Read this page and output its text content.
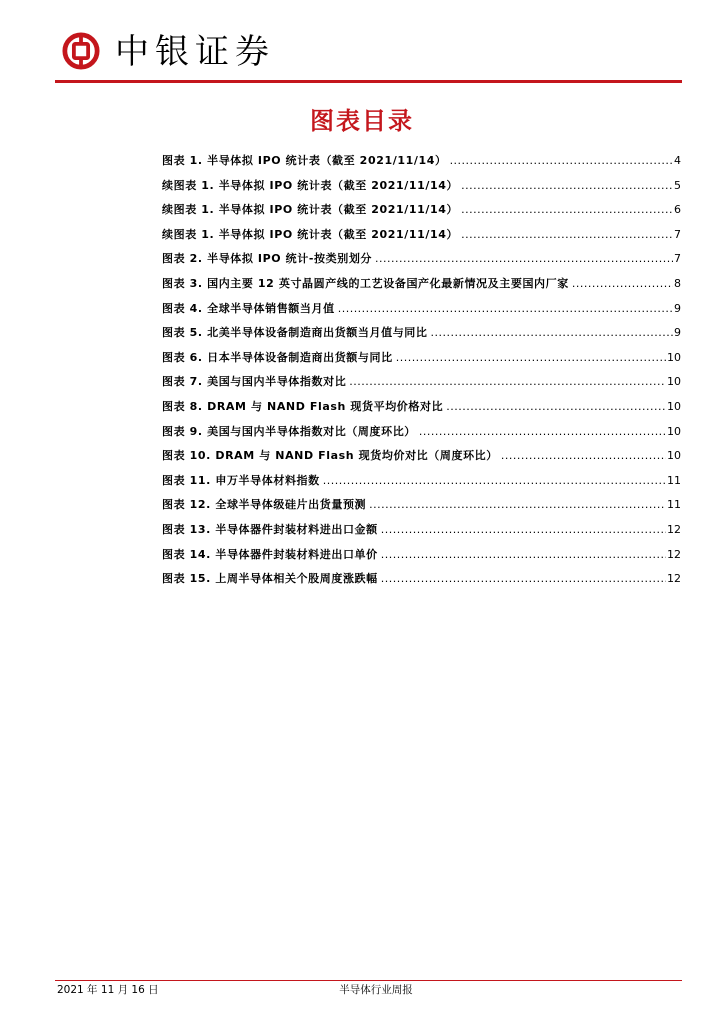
中银证券
图表目录
图表 1. 半导体拟 IPO 统计表（截至 2021/11/14） .....	4
续图表 1. 半导体拟 IPO 统计表（截至 2021/11/14） .....	5
续图表 1. 半导体拟 IPO 统计表（截至 2021/11/14） .....	6
续图表 1. 半导体拟 IPO 统计表（截至 2021/11/14） .....	7
图表 2. 半导体拟 IPO 统计-按类别划分 .....	7
图表 3. 国内主要 12 英寸晶圆产线的工艺设备国产化最新情况及主要国内厂家 .....	8
图表 4. 全球半导体销售额当月值 .....	9
图表 5. 北美半导体设备制造商出货额当月值与同比 .....	9
图表 6. 日本半导体设备制造商出货额与同比 .....	10
图表 7. 美国与国内半导体指数对比 .....	10
图表 8. DRAM 与 NAND Flash 现货平均价格对比 .....	10
图表 9. 美国与国内半导体指数对比（周度环比） .....	10
图表 10. DRAM 与 NAND Flash 现货均价对比（周度环比） .....	10
图表 11. 申万半导体材料指数 .....	11
图表 12. 全球半导体级硅片出货量预测 .....	11
图表 13. 半导体器件封装材料进出口金额 .....	12
图表 14. 半导体器件封装材料进出口单价 .....	12
图表 15. 上周半导体相关个股周度涨跌幅 .....	12
2021 年 11 月 16 日	半导体行业周报
